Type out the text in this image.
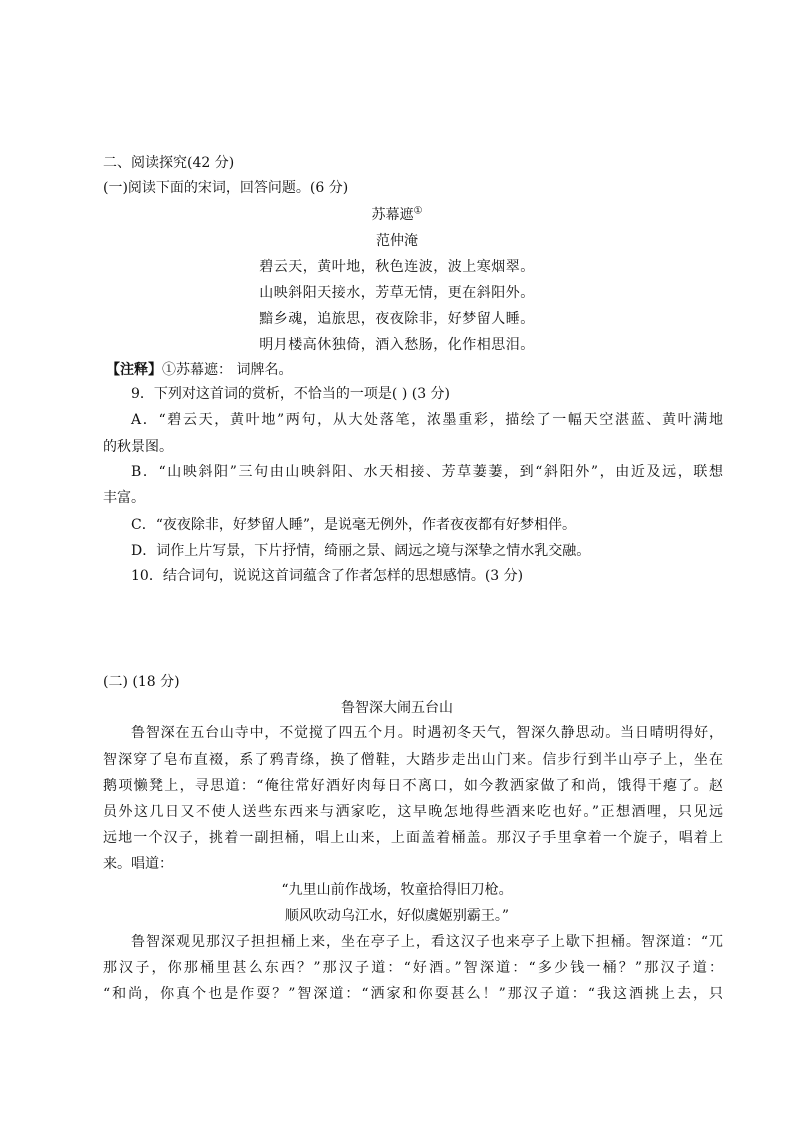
二、阅读探究(42 分)
(一)阅读下面的宋词，回答问题。(6 分)
苏幕遮①
范仲淹
碧云天，黄叶地，秋色连波，波上寒烟翠。
山映斜阳天接水，芳草无情，更在斜阳外。
黯乡魂，追旅思，夜夜除非，好梦留人睡。
明月楼高休独倚，酒入愁肠，化作相思泪。
【注释】①苏幕遮： 词牌名。
9．下列对这首词的赏析，不恰当的一项是( ) (3 分)
A．“碧云天，黄叶地”两句，从大处落笔，浓墨重彩，描绘了一幅天空湛蓝、黄叶满地
的秋景图。
B．“山映斜阳”三句由山映斜阳、水天相接、芳草萋萋，到“斜阳外”，由近及远，联想
丰富。
C．“夜夜除非，好梦留人睡”，是说毫无例外，作者夜夜都有好梦相伴。
D．词作上片写景，下片抒情，绮丽之景、阔远之境与深挚之情水乳交融。
10．结合词句，说说这首词蕴含了作者怎样的思想感情。(3 分)
(二) (18 分)
鲁智深大闹五台山
鲁智深在五台山寺中，不觉搅了四五个月。时遇初冬天气，智深久静思动。当日晴明得好，
智深穿了皂布直裰，系了鸦青绦，换了僧鞋，大踏步走出山门来。信步行到半山亭子上，坐在
鹅项懒凳上，寻思道：“俺往常好酒好肉每日不离口，如今教洒家做了和尚，饿得干瘪了。赵
员外这几日又不使人送些东西来与洒家吃，这早晚怎地得些酒来吃也好。”正想酒哩，只见远
远地一个汉子，挑着一副担桶，唱上山来，上面盖着桶盖。那汉子手里拿着一个旋子，唱着上
来。唱道：
“九里山前作战场，牧童拾得旧刀枪。
顺风吹动乌江水，好似虞姬别霸王。”
鲁智深观见那汉子担担桶上来，坐在亭子上，看这汉子也来亭子上歇下担桶。智深道：“兀
那汉子，你那桶里甚么东西？”那汉子道：“好酒。”智深道：“多少钱一桶？”那汉子道：
“和尚，你真个也是作耍？”智深道：“洒家和你耍甚么！”那汉子道：“我这酒挑上去，只
